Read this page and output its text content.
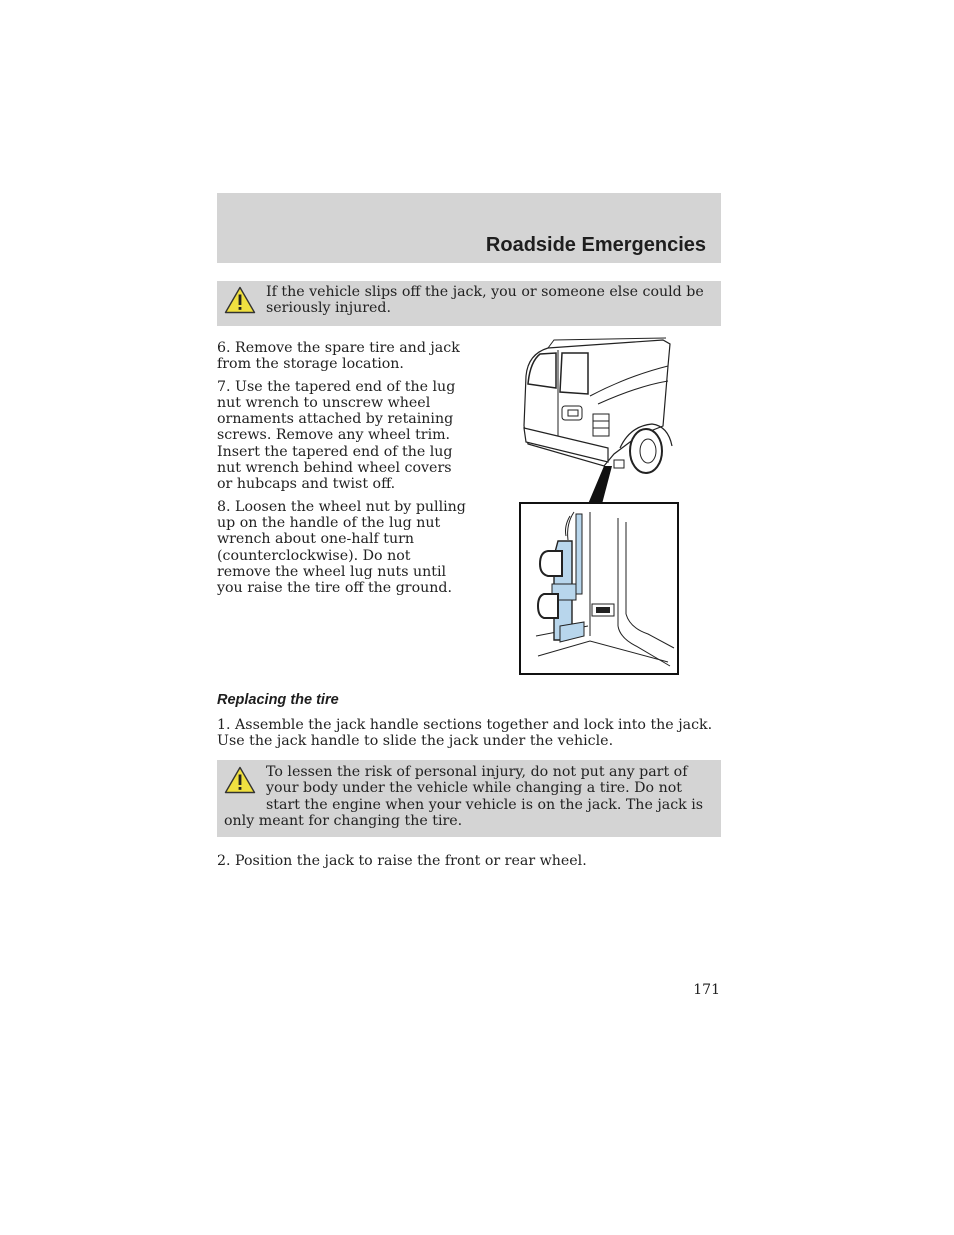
Roadside Emergencies
If the vehicle slips off the jack, you or someone else could be seriously injured.

6. Remove the spare tire and jack from the storage location.

7. Use the tapered end of the lug nut wrench to unscrew wheel ornaments attached by retaining screws. Remove any wheel trim. Insert the tapered end of the lug nut wrench behind wheel covers or hubcaps and twist off.

8. Loosen the wheel nut by pulling up on the handle of the lug nut wrench about one-half turn (counterclockwise). Do not remove the wheel lug nuts until you raise the tire off the ground.

Replacing the tire

1. Assemble the jack handle sections together and lock into the jack. Use the jack handle to slide the jack under the vehicle.

To lessen the risk of personal injury, do not put any part of your body under the vehicle while changing a tire. Do not start the engine when your vehicle is on the jack. The jack is only meant for changing the tire.

2. Position the jack to raise the front or rear wheel.

171
